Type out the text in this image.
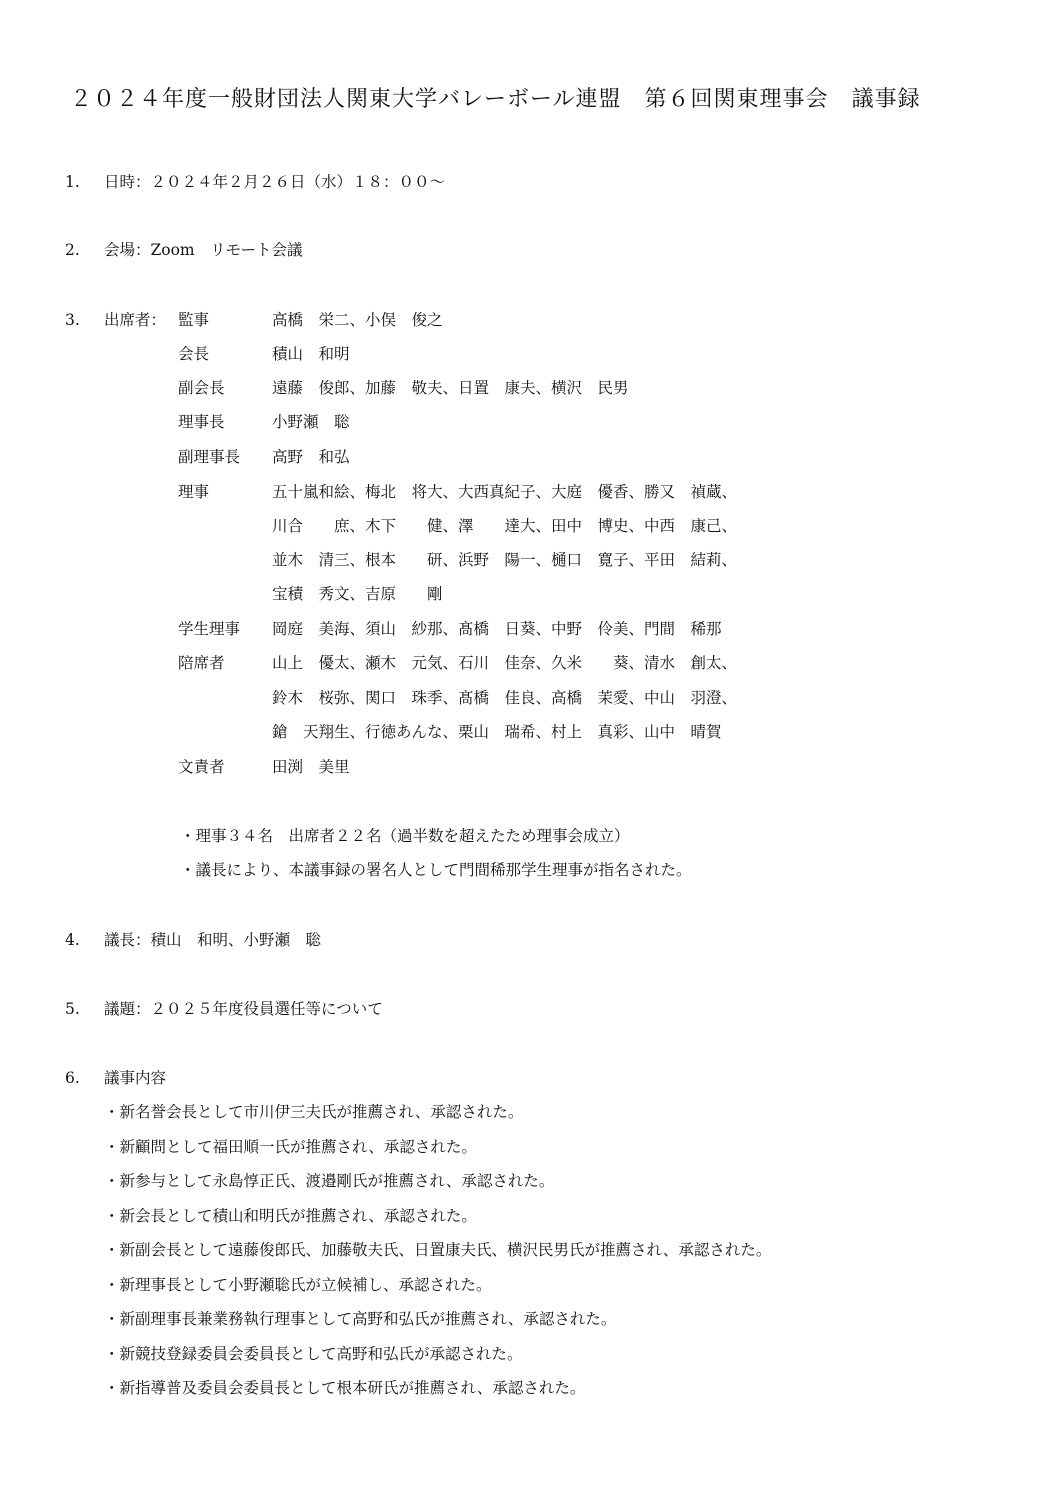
２０２４年度一般財団法人関東大学バレーボール連盟　第６回関東理事会　議事録
1. 日時：２０２４年２月２６日（水）１８：００～
2. 会場：Zoom　リモート会議
3. 出席者： 監事	高橋　栄二、小俣　俊之
会長	積山　和明
副会長	遠藤　俊郎、加藤　敬夫、日置　康夫、横沢　民男
理事長	小野瀬　聡
副理事長 高野　和弘
理事	五十嵐和絵、梅北　将大、大西真紀子、大庭　優香、勝又　禎蔵、
川合　　庶、木下　　健、澤　　達大、田中　博史、中西　康己、
並木　清三、根本　　研、浜野　陽一、樋口　寛子、平田　結莉、
宝積　秀文、吉原　　剛
学生理事 岡庭　美海、須山　紗那、髙橋　日葵、中野　伶美、門間　稀那
陪席者	山上　優太、瀬木　元気、石川　佳奈、久米　　葵、清水　創太、
鈴木　桜弥、関口　珠季、髙橋　佳良、高橋　茉愛、中山　羽澄、
鎗　天翔生、行徳あんな、栗山　瑞希、村上　真彩、山中　晴賀
文責者	田渕　美里
・理事３４名　出席者２２名（過半数を超えたため理事会成立）
・議長により、本議事録の署名人として門間稀那学生理事が指名された。
4. 議長：積山　和明、小野瀬　聡
5. 議題：２０２５年度役員選任等について
6. 議事内容
・新名誉会長として市川伊三夫氏が推薦され、承認された。
・新顧問として福田順一氏が推薦され、承認された。
・新参与として永島惇正氏、渡邉剛氏が推薦され、承認された。
・新会長として積山和明氏が推薦され、承認された。
・新副会長として遠藤俊郎氏、加藤敬夫氏、日置康夫氏、横沢民男氏が推薦され、承認された。
・新理事長として小野瀬聡氏が立候補し、承認された。
・新副理事長兼業務執行理事として高野和弘氏が推薦され、承認された。
・新競技登録委員会委員長として高野和弘氏が承認された。
・新指導普及委員会委員長として根本研氏が推薦され、承認された。
